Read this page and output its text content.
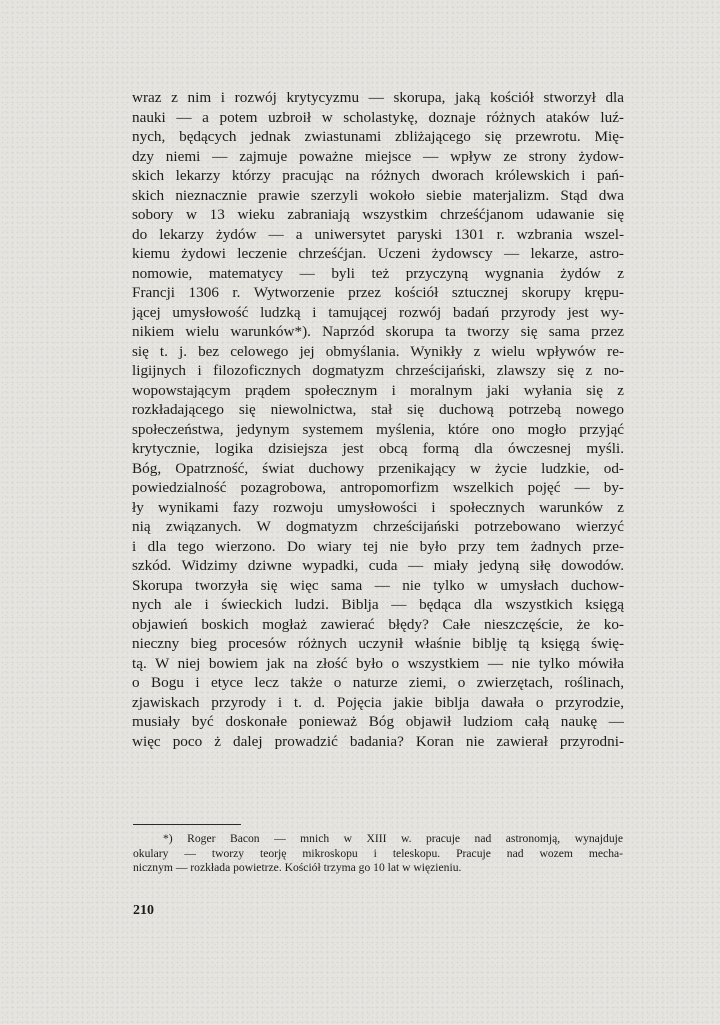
wraz z nim i rozwój krytycyzmu — skorupa, jaką kościół stworzył dla
nauki — a potem uzbroił w scholastykę, doznaje różnych ataków luź-
nych, będących jednak zwiastunami zbliżającego się przewrotu. Mię-
dzy niemi — zajmuje poważne miejsce — wpływ ze strony żydow-
skich lekarzy którzy pracując na różnych dworach królewskich i pań-
skich nieznacznie prawie szerzyli wokoło siebie materjalizm. Stąd dwa
sobory w 13 wieku zabraniają wszystkim chrześćjanom udawanie się
do lekarzy żydów — a uniwersytet paryski 1301 r. wzbrania wszel-
kiemu żydowi leczenie chrześćjan. Uczeni żydowscy — lekarze, astro-
nomowie, matematycy — byli też przyczyną wygnania żydów z
Francji 1306 r. Wytworzenie przez kościół sztucznej skorupy krępu-
jącej umysłowość ludzką i tamującej rozwój badań przyrody jest wy-
nikiem wielu warunków*). Naprzód skorupa ta tworzy się sama przez
się t. j. bez celowego jej obmyślania. Wynikły z wielu wpływów re-
ligijnych i filozoficznych dogmatyzm chrześcijański, zlawszy się z no-
wopowstającym prądem społecznym i moralnym jaki wyłania się z
rozkładającego się niewolnictwa, stał się duchową potrzebą nowego
społeczeństwa, jedynym systemem myślenia, które ono mogło przyjąć
krytycznie, logika dzisiejsza jest obcą formą dla ówczesnej myśli.
Bóg, Opatrzność, świat duchowy przenikający w życie ludzkie, od-
powiedzialność pozagrobowa, antropomorfizm wszelkich pojęć — by-
ły wynikami fazy rozwoju umysłowości i społecznych warunków z
nią związanych. W dogmatyzm chrześcijański potrzebowano wierzyć
i dla tego wierzono. Do wiary tej nie było przy tem żadnych prze-
szkód. Widzimy dziwne wypadki, cuda — miały jedyną siłę dowodów.
Skorupa tworzyła się więc sama — nie tylko w umysłach duchow-
nych ale i świeckich ludzi. Biblja — będąca dla wszystkich księgą
objawień boskich mogłaż zawierać błędy? Całe nieszczęście, że ko-
nieczny bieg procesów różnych uczynił właśnie biblję tą księgą świę-
tą. W niej bowiem jak na złość było o wszystkiem — nie tylko mówiła
o Bogu i etyce lecz także o naturze ziemi, o zwierzętach, roślinach,
zjawiskach przyrody i t. d. Pojęcia jakie biblja dawała o przyrodzie,
musiały być doskonałe ponieważ Bóg objawił ludziom całą naukę —
więc poco ż dalej prowadzić badania? Koran nie zawierał przyrodni-
*) Roger Bacon — mnich w XIII w. pracuje nad astronomją, wynajduje
okulary — tworzy teorję mikroskopu i teleskopu. Pracuje nad wozem mecha-
nicznym — rozkłada powietrze. Kościół trzyma go 10 lat w więzieniu.
210
